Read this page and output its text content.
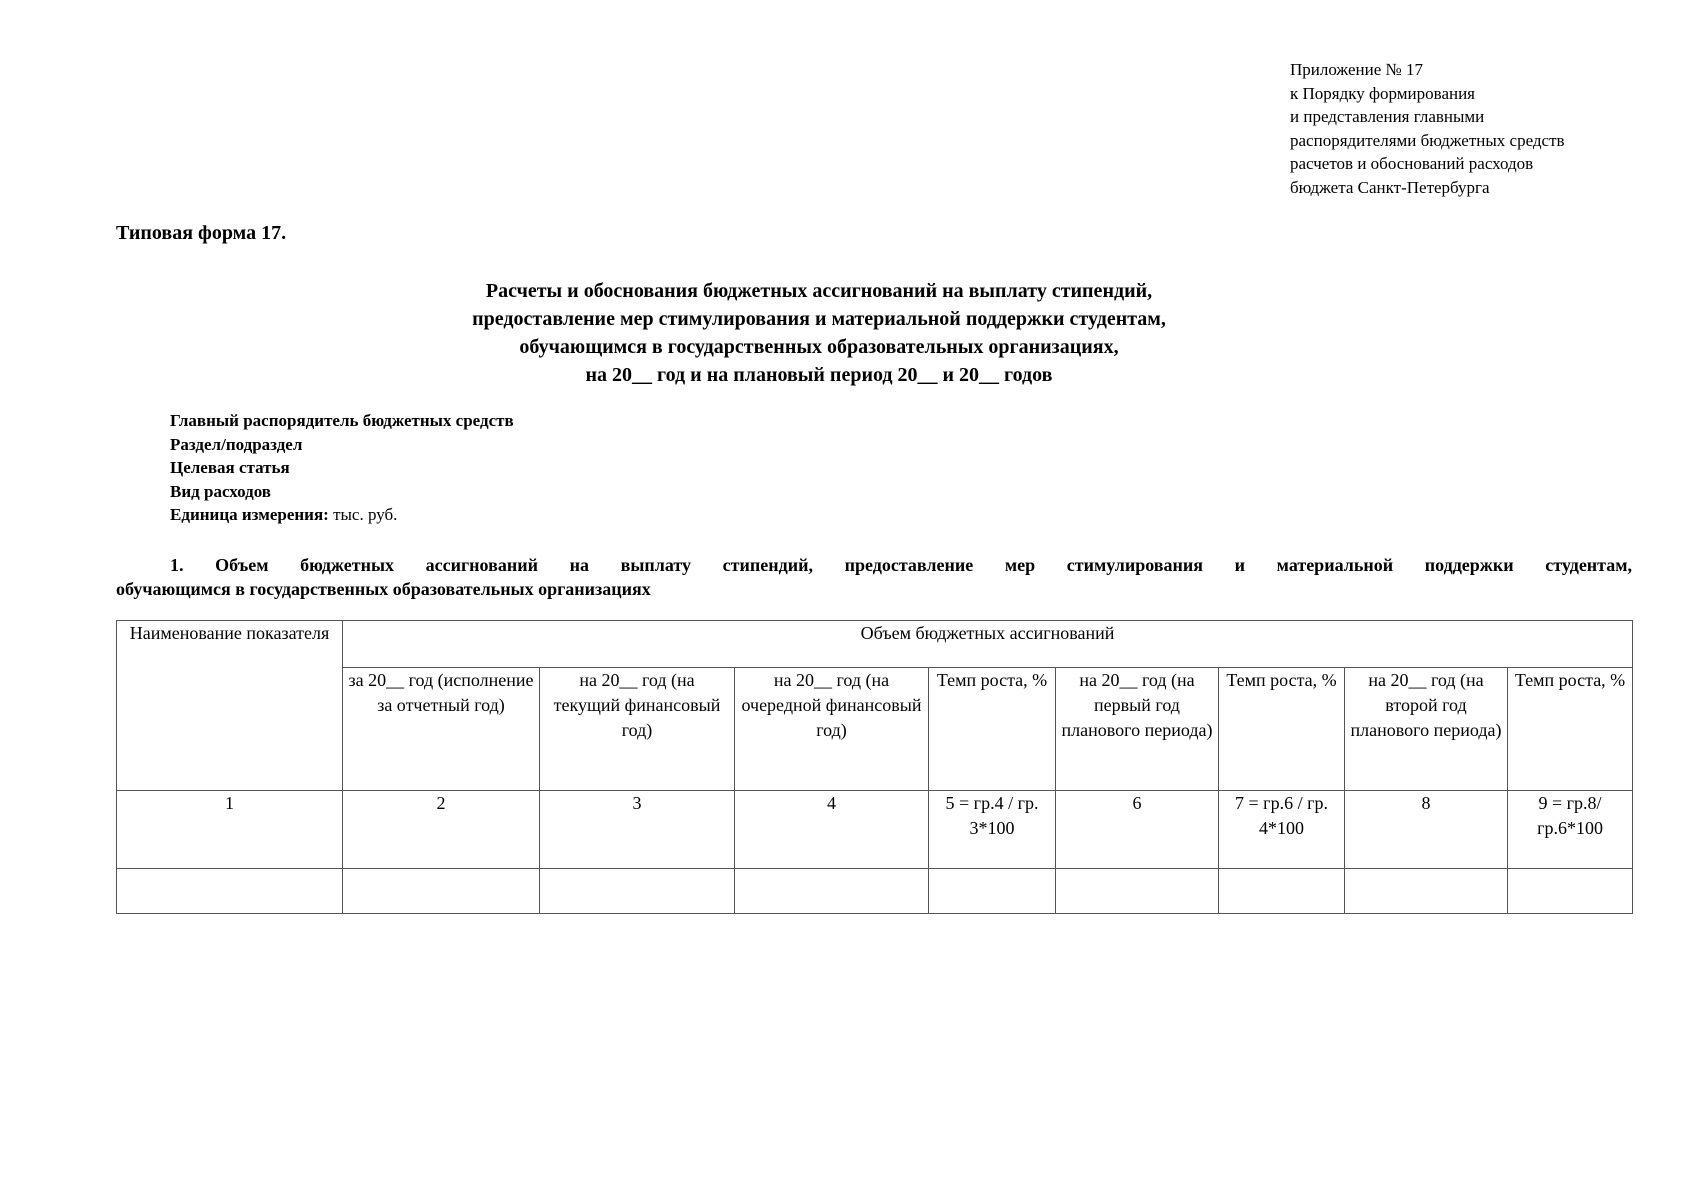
Приложение № 17
к Порядку формирования
и представления главными
распорядителями бюджетных средств
расчетов и обоснований расходов
бюджета Санкт-Петербурга
Типовая форма 17.
Расчеты и обоснования бюджетных ассигнований на выплату стипендий,
предоставление мер стимулирования и материальной поддержки студентам,
обучающимся в государственных образовательных организациях,
на 20__ год и на плановый период 20__ и 20__ годов
Главный распорядитель бюджетных средств
Раздел/подраздел
Целевая статья
Вид расходов
Единица измерения: тыс. руб.
1. Объем бюджетных ассигнований на выплату стипендий, предоставление мер стимулирования и материальной поддержки студентам,
обучающимся в государственных образовательных организациях
Наименование показателя	Объем бюджетных ассигнований							
	за 20__ год (исполнение за отчетный год)	на 20__ год (на текущий финансовый год)	на 20__ год (на очередной финансовый год)	Темп роста, %	на 20__ год (на первый год планового периода)	Темп роста, %	на 20__ год (на второй год планового периода)	Темп роста, %
1	2	3	4	5 = гр.4 / гр. 3*100	6	7 = гр.6 / гр. 4*100	8	9 = гр.8/ гр.6*100
